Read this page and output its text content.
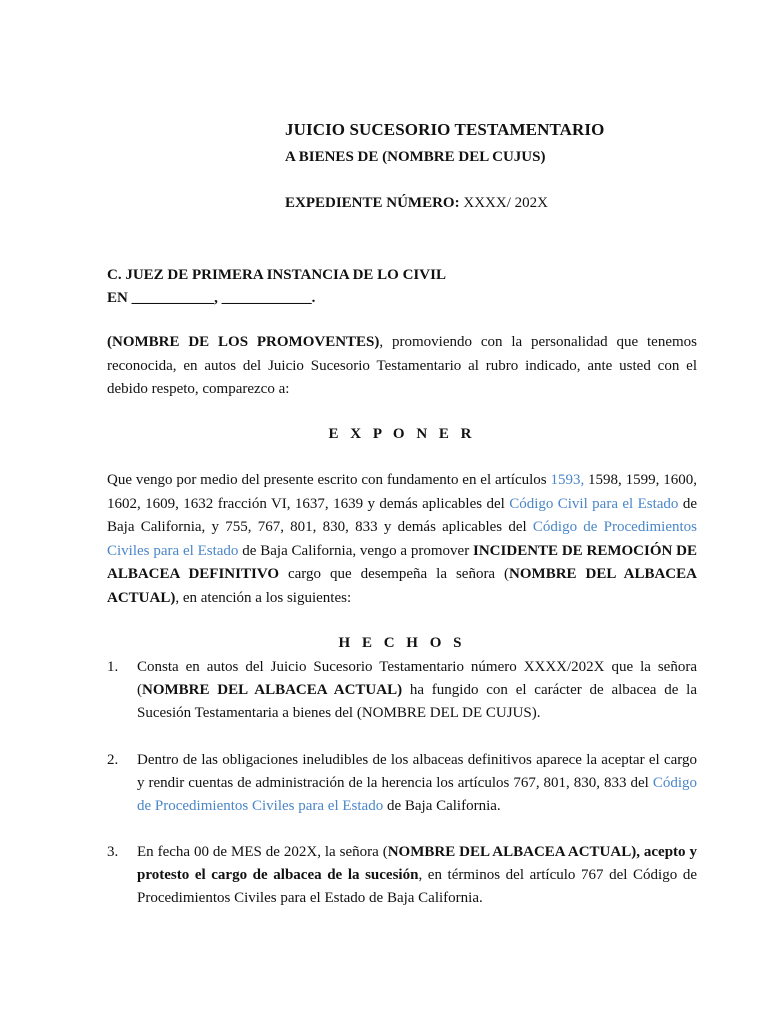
JUICIO SUCESORIO TESTAMENTARIO
A BIENES DE (NOMBRE DEL CUJUS)
EXPEDIENTE NÚMERO: XXXX/ 202X
C. JUEZ DE PRIMERA INSTANCIA DE LO CIVIL
EN ___________, ____________.
(NOMBRE DE LOS PROMOVENTES), promoviendo con la personalidad que tenemos reconocida, en autos del Juicio Sucesorio Testamentario al rubro indicado, ante usted con el debido respeto, comparezco a:
E X P O N E R
Que vengo por medio del presente escrito con fundamento en el artículos 1593, 1598, 1599, 1600, 1602, 1609, 1632 fracción VI, 1637, 1639 y demás aplicables del Código Civil para el Estado de Baja California, y 755, 767, 801, 830, 833 y demás aplicables del Código de Procedimientos Civiles para el Estado de Baja California, vengo a promover INCIDENTE DE REMOCIÓN DE ALBACEA DEFINITIVO cargo que desempeña la señora (NOMBRE DEL ALBACEA ACTUAL), en atención a los siguientes:
H E C H O S
1. Consta en autos del Juicio Sucesorio Testamentario número XXXX/202X que la señora (NOMBRE DEL ALBACEA ACTUAL) ha fungido con el carácter de albacea de la Sucesión Testamentaria a bienes del (NOMBRE DEL DE CUJUS).
2. Dentro de las obligaciones ineludibles de los albaceas definitivos aparece la aceptar el cargo y rendir cuentas de administración de la herencia los artículos 767, 801, 830, 833 del Código de Procedimientos Civiles para el Estado de Baja California.
3. En fecha 00 de MES de 202X, la señora (NOMBRE DEL ALBACEA ACTUAL), acepto y protesto el cargo de albacea de la sucesión, en términos del artículo 767 del Código de Procedimientos Civiles para el Estado de Baja California.
